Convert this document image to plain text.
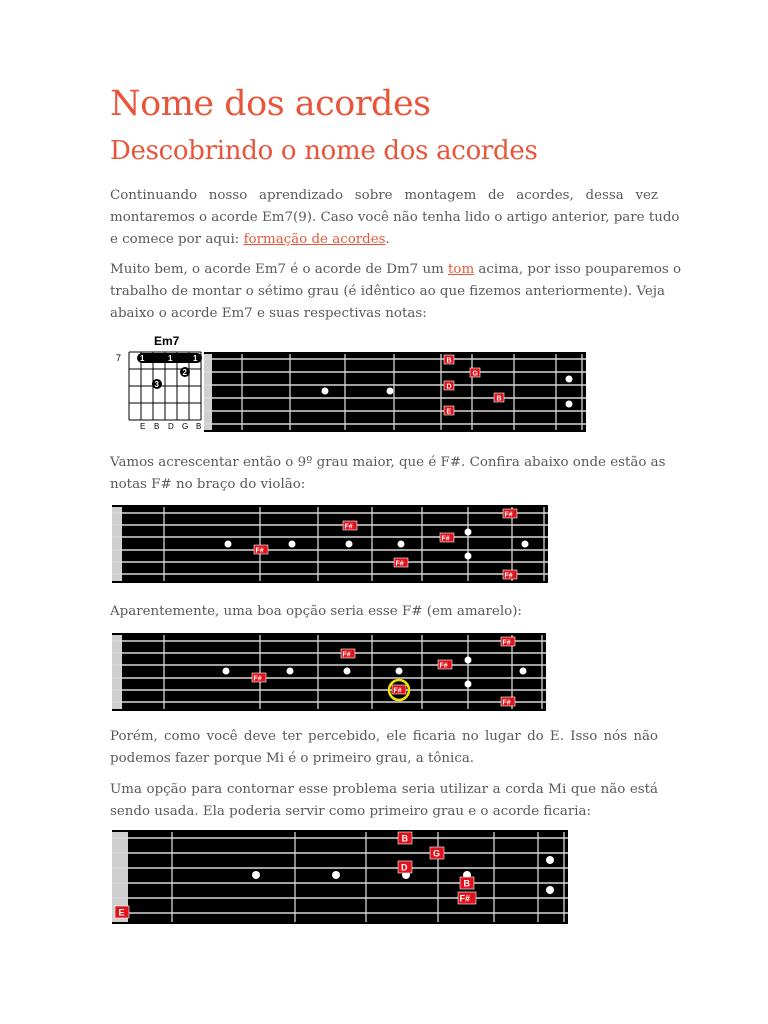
Nome dos acordes
Descobrindo o nome dos acordes
Continuando nosso aprendizado sobre montagem de acordes, dessa vez
montaremos o acorde Em7(9). Caso você não tenha lido o artigo anterior, pare tudo
e comece por aqui: formação de acordes.
Muito bem, o acorde Em7 é o acorde de Dm7 um tom acima, por isso pouparemos o
trabalho de montar o sétimo grau (é idêntico ao que fizemos anteriormente). Veja
abaixo o acorde Em7 e suas respectivas notas:
Vamos acrescentar então o 9º grau maior, que é F#. Confira abaixo onde estão as
notas F# no braço do violão:
Aparentemente, uma boa opção seria esse F# (em amarelo):
Porém, como você deve ter percebido, ele ficaria no lugar do E. Isso nós não
podemos fazer porque Mi é o primeiro grau, a tônica.
Uma opção para contornar esse problema seria utilizar a corda Mi que não está
sendo usada. Ela poderia servir como primeiro grau e o acorde ficaria:
Em7
7 1	1	1
2
3
E B D G B
B
G
D
B
E
F#
F#
F#
F#
F#
F#
F#
F#
F#
F#
F#
F#
B
G
D
B
F#
E
